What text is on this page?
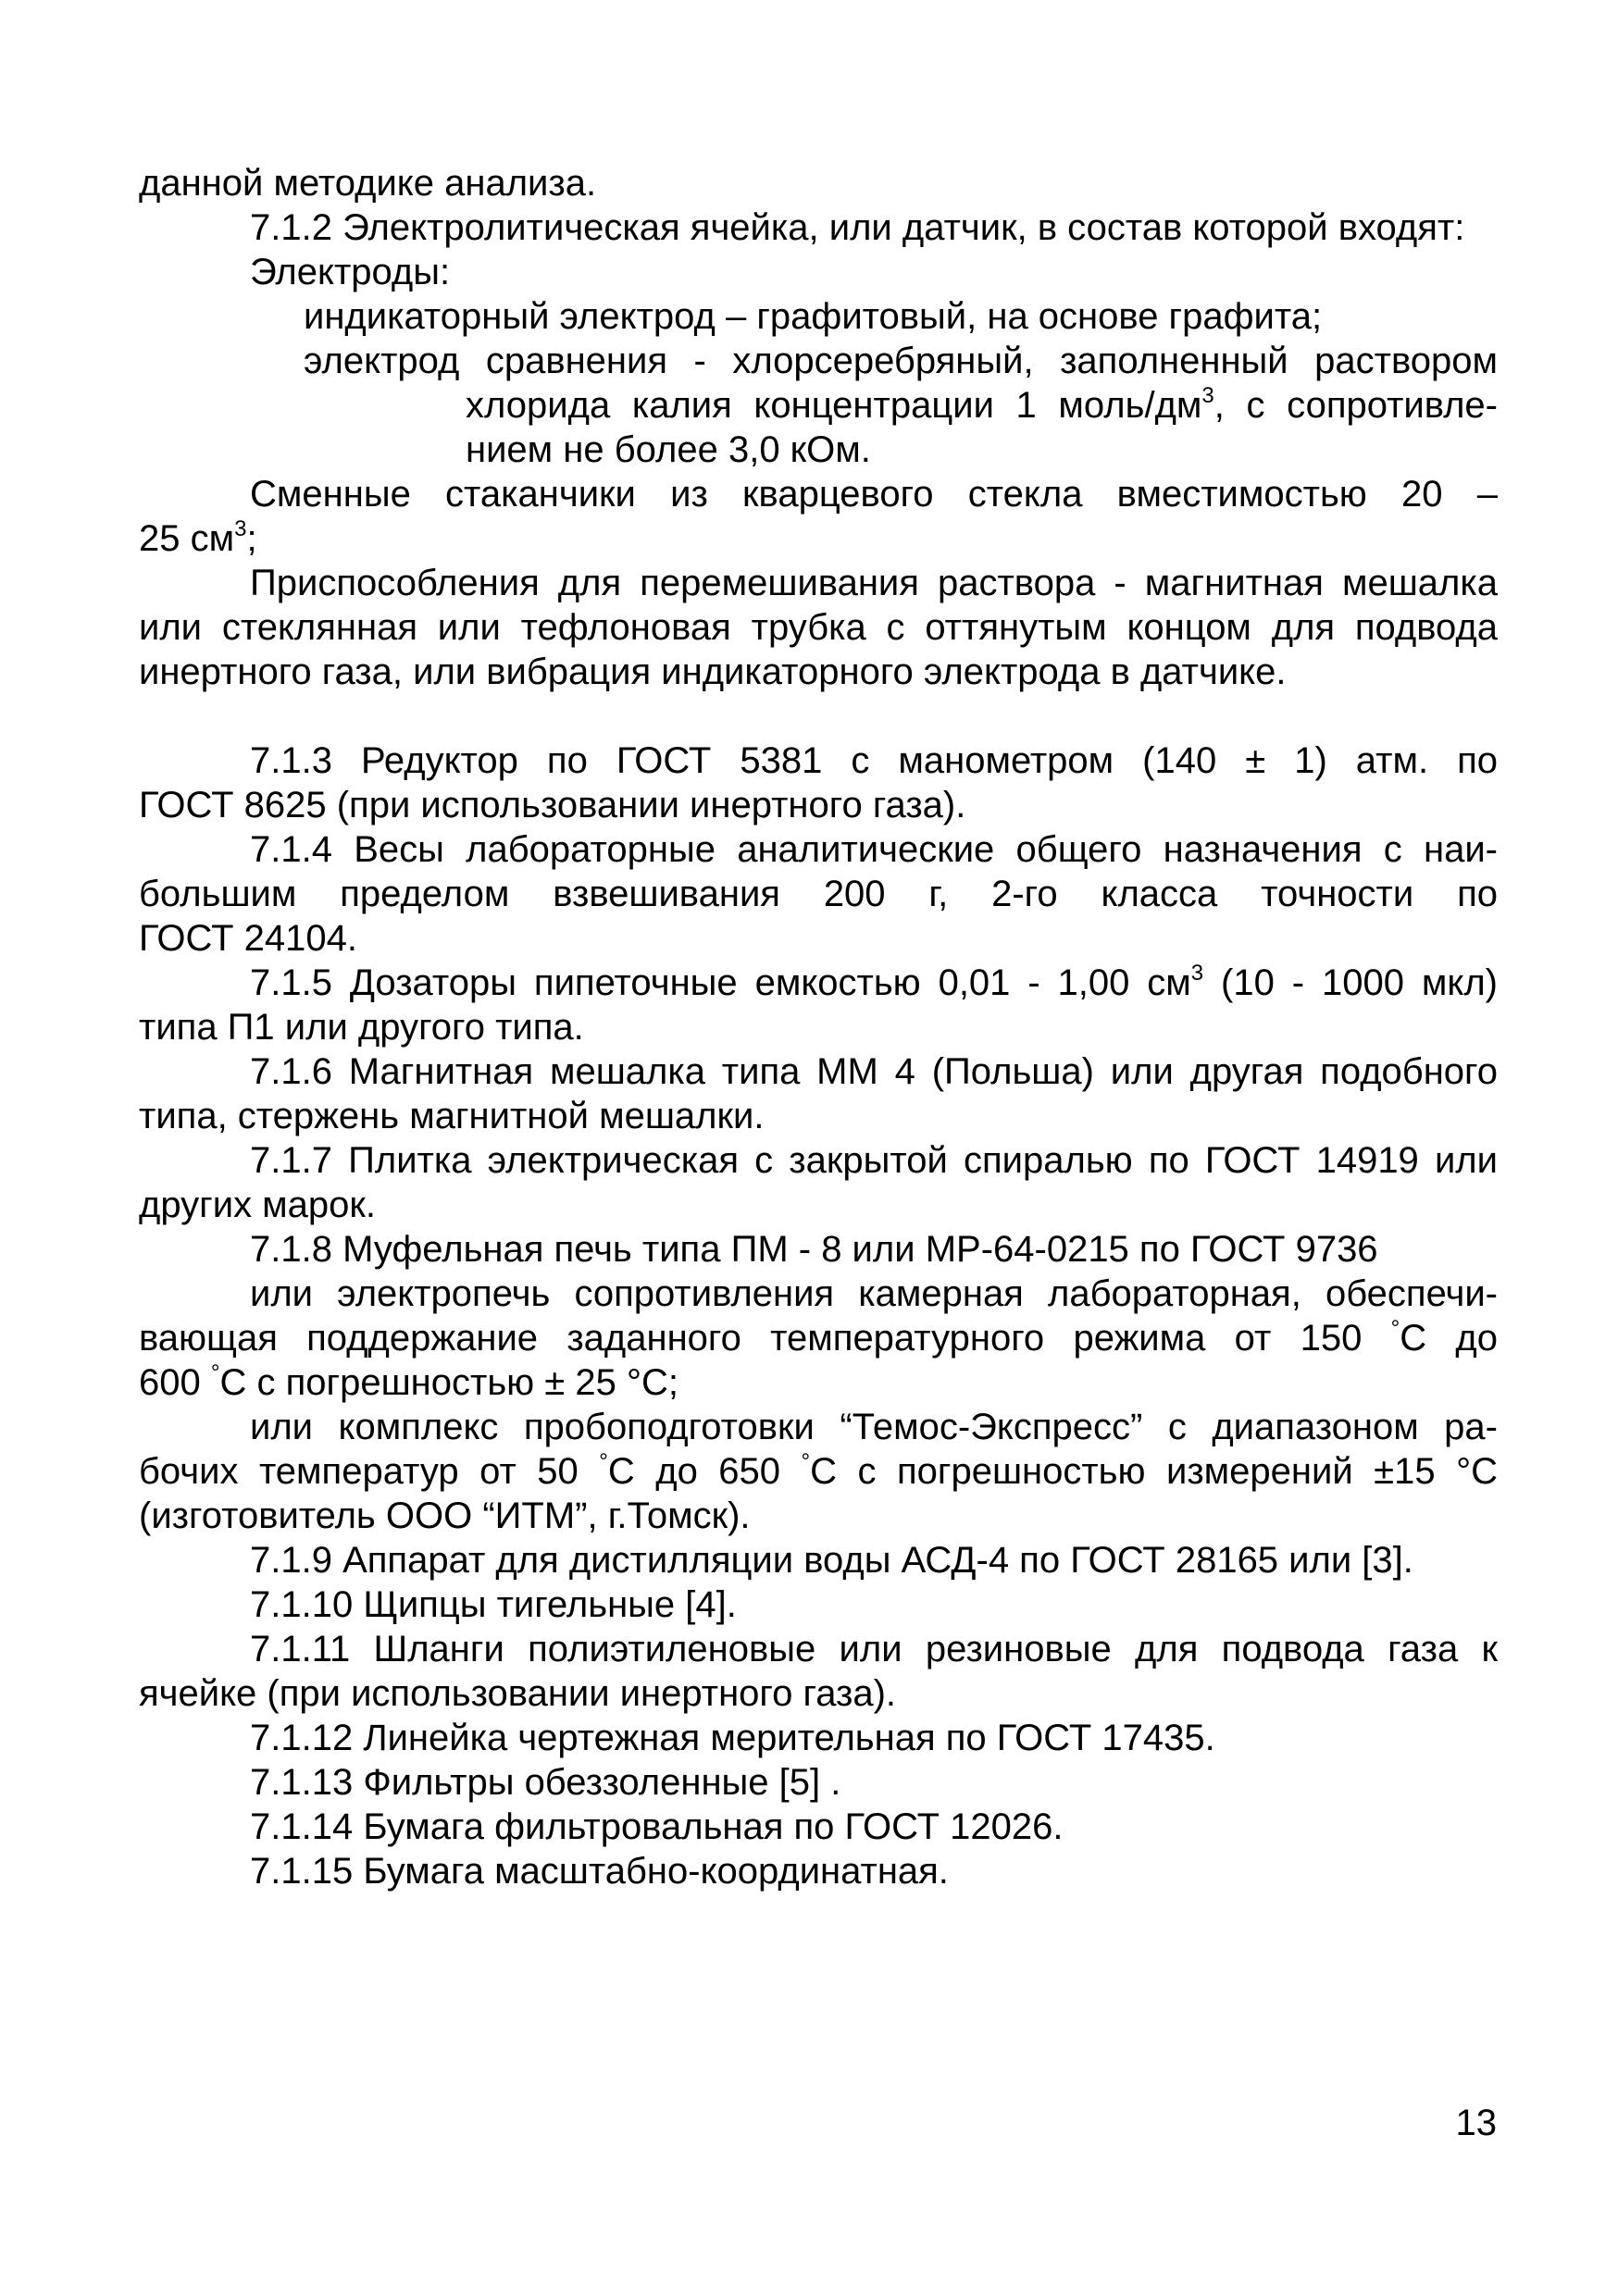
данной методике анализа.
7.1.2 Электролитическая ячейка, или датчик, в состав которой входят:
Электроды:
индикаторный электрод – графитовый, на основе графита;
электрод сравнения - хлорсеребряный, заполненный раствором
хлорида калия концентрации 1 моль/$дм^3$, с сопротивле-
нием не более 3,0 кОм.
Сменные стаканчики из кварцевого стекла вместимостью 20 –
25 $см^3$;
Приспособления для перемешивания раствора - магнитная мешалка
или стеклянная или тефлоновая трубка с оттянутым концом для подвода
инертного газа, или вибрация индикаторного электрода в датчике.
7.1.3 Редуктор по ГОСТ 5381 с манометром (140 ± 1) атм. по
ГОСТ 8625 (при использовании инертного газа).
7.1.4 Весы лабораторные аналитические общего назначения с наи-
большим пределом взвешивания 200 г, 2-го класса точности по
ГОСТ 24104.
7.1.5 Дозаторы пипеточные емкостью 0,01 - 1,00 $см^3$ (10 - 1000 мкл)
типа П1 или другого типа.
7.1.6 Магнитная мешалка типа ММ 4 (Польша) или другая подобного
типа, стержень магнитной мешалки.
7.1.7 Плитка электрическая с закрытой спиралью по ГОСТ 14919 или
других марок.
7.1.8 Муфельная печь типа ПМ - 8 или МР-64-0215 по ГОСТ 9736
или электропечь сопротивления камерная лабораторная, обеспечи-
вающая поддержание заданного температурного режима от 150 °С до
600 °С с погрешностью ± 25 °С;
или комплекс пробоподготовки “Темос-Экспресс” с диапазоном ра-
бочих температур от 50 °С до 650 °С с погрешностью измерений ±15 °С
(изготовитель ООО “ИТМ”, г.Томск).
7.1.9 Аппарат для дистилляции воды АСД-4 по ГОСТ 28165 или [3].
7.1.10 Щипцы тигельные [4].
7.1.11 Шланги полиэтиленовые или резиновые для подвода газа к
ячейке (при использовании инертного газа).
7.1.12 Линейка чертежная мерительная по ГОСТ 17435.
7.1.13 Фильтры обеззоленные [5] .
7.1.14 Бумага фильтровальная по ГОСТ 12026.
7.1.15 Бумага масштабно-координатная.
13
